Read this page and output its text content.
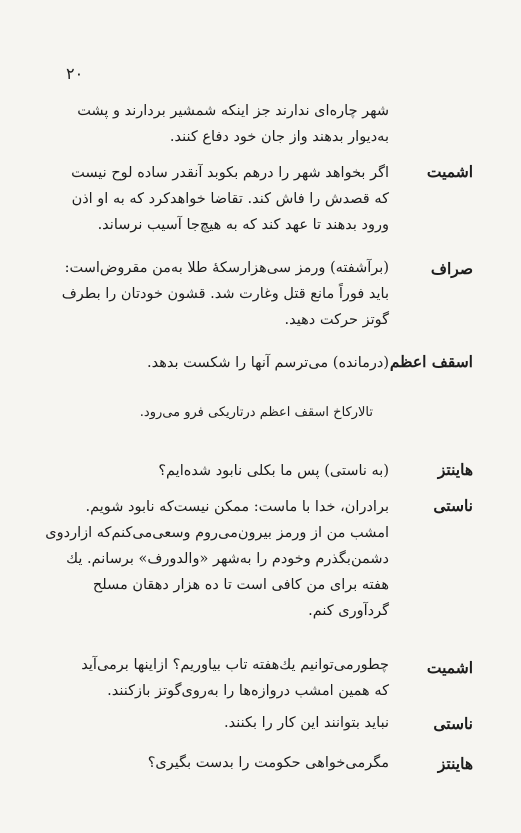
۲۰
شهر چاره‌ای ندارند جز اینکه شمشیر بردارند و پشت
به‌دیوار بدهند واز جان خود دفاع کنند.
اشمیت
اگر بخواهد شهر را درهم بکوبد آنقدر ساده لوح نیست
که قصدش را فاش کند. تقاضا خواهدکرد که به او اذن
ورود بدهند تا عهد کند که به هیچ‌جا آسیب نرساند.
صراف
(برآشفته) ورمز سی‌هزارسکهٔ طلا به‌من مقروض‌است:
باید فوراً مانع قتل وغارت شد. قشون خودتان را بطرف
گوتز حرکت دهید.
اسقف اعظم
(درمانده) می‌ترسم آنها را شکست بدهد.
تالارکاخ اسقف اعظم درتاریکی فرو می‌رود.
هاینتز
(به ناستی) پس ما بکلی نابود شده‌ایم؟
ناستی
برادران، خدا با ماست: ممکن نیست‌که نابود شویم.
امشب من از ورمز بیرون‌می‌روم وسعی‌می‌کنم‌که ازاردوی
دشمن‌بگذرم وخودم را به‌شهر «والدورف» برسانم. یك
هفته برای من کافی است تا ده هزار دهقان مسلح
گردآوری کنم.
اشمیت
چطورمی‌توانیم یك‌هفته تاب بیاوریم؟ ازاینها برمی‌آید
که همین امشب دروازه‌ها را به‌روی‌گوتز بازکنند.
ناستی
نباید بتوانند این کار را بکنند.
هاینتز
مگرمی‌خواهی حکومت را بدست بگیری؟
